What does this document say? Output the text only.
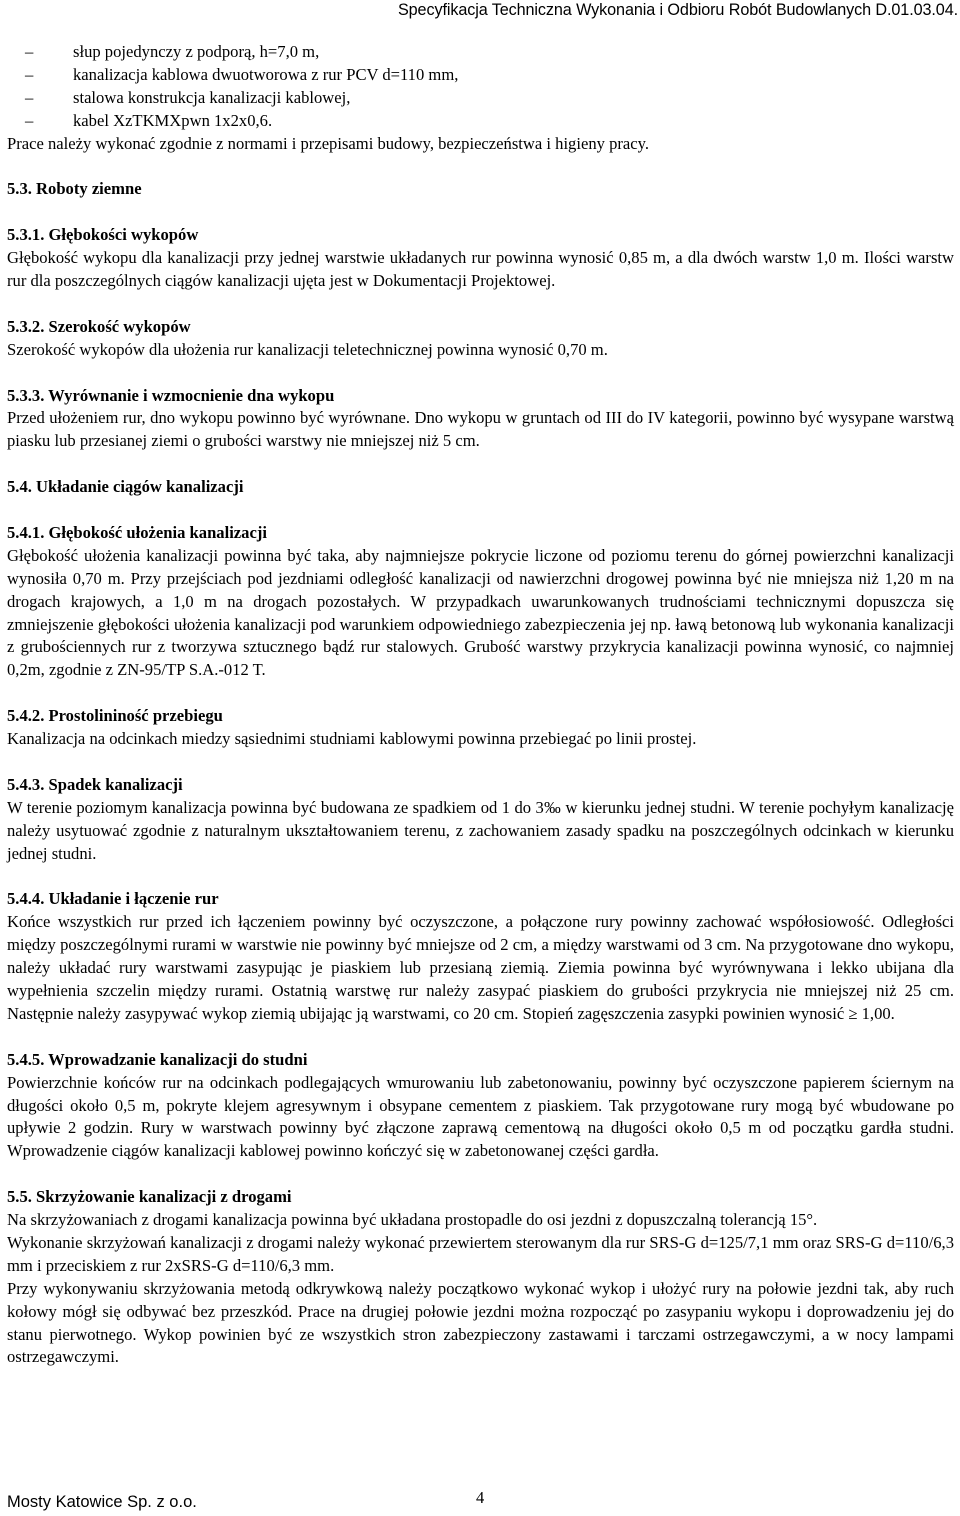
Specyfikacja Techniczna Wykonania i Odbioru Robót Budowlanych D.01.03.04.
– słup pojedynczy z podporą, h=7,0 m,
– kanalizacja kablowa dwuotworowa z rur PCV d=110 mm,
– stalowa konstrukcja kanalizacji kablowej,
– kabel XzTKMXpwn 1x2x0,6.

Prace należy wykonać zgodnie z normami i przepisami budowy, bezpieczeństwa i higieny pracy.

5.3. Roboty ziemne

5.3.1. Głębokości wykopów

Głębokość wykopu dla kanalizacji przy jednej warstwie układanych rur powinna wynosić 0,85 m, a dla dwóch warstw 1,0 m. Ilości warstw rur dla poszczególnych ciągów kanalizacji ujęta jest w Dokumentacji Projektowej.

5.3.2. Szerokość wykopów

Szerokość wykopów dla ułożenia rur kanalizacji teletechnicznej powinna wynosić 0,70 m.

5.3.3. Wyrównanie i wzmocnienie dna wykopu

Przed ułożeniem rur, dno wykopu powinno być wyrównane. Dno wykopu w gruntach od III do IV kategorii, powinno być wysypane warstwą piasku lub przesianej ziemi o grubości warstwy nie mniejszej niż 5 cm.

5.4. Układanie ciągów kanalizacji

5.4.1. Głębokość ułożenia kanalizacji

Głębokość ułożenia kanalizacji powinna być taka, aby najmniejsze pokrycie liczone od poziomu terenu do górnej powierzchni kanalizacji wynosiła 0,70 m. Przy przejściach pod jezdniami odległość kanalizacji od nawierzchni drogowej powinna być nie mniejsza niż 1,20 m na drogach krajowych, a 1,0 m na drogach pozostałych. W przypadkach uwarunkowanych trudnościami technicznymi dopuszcza się zmniejszenie głębokości ułożenia kanalizacji pod warunkiem odpowiedniego zabezpieczenia jej np. ławą betonową lub wykonania kanalizacji z grubościennych rur z tworzywa sztucznego bądź rur stalowych. Grubość warstwy przykrycia kanalizacji powinna wynosić, co najmniej 0,2m, zgodnie z ZN-95/TP S.A.-012 T.

5.4.2. Prostolininość przebiegu

Kanalizacja na odcinkach miedzy sąsiednimi studniami kablowymi powinna przebiegać po linii prostej.

5.4.3. Spadek kanalizacji

W terenie poziomym kanalizacja powinna być budowana ze spadkiem od 1 do 3‰ w kierunku jednej studni. W terenie pochyłym kanalizację należy usytuować zgodnie z naturalnym ukształtowaniem terenu, z zachowaniem zasady spadku na poszczególnych odcinkach w kierunku jednej studni.

5.4.4. Układanie i łączenie rur

Końce wszystkich rur przed ich łączeniem powinny być oczyszczone, a połączone rury powinny zachować współosiowość. Odległości między poszczególnymi rurami w warstwie nie powinny być mniejsze od 2 cm, a między warstwami od 3 cm. Na przygotowane dno wykopu, należy układać rury warstwami zasypując je piaskiem lub przesianą ziemią. Ziemia powinna być wyrównywana i lekko ubijana dla wypełnienia szczelin między rurami. Ostatnią warstwę rur należy zasypać piaskiem do grubości przykrycia nie mniejszej niż 25 cm. Następnie należy zasypywać wykop ziemią ubijając ją warstwami, co 20 cm. Stopień zagęszczenia zasypki powinien wynosić ≥ 1,00.

5.4.5. Wprowadzanie kanalizacji do studni

Powierzchnie końców rur na odcinkach podlegających wmurowaniu lub zabetonowaniu, powinny być oczyszczone papierem ściernym na długości około 0,5 m, pokryte klejem agresywnym i obsypane cementem z piaskiem. Tak przygotowane rury mogą być wbudowane po upływie 2 godzin. Rury w warstwach powinny być złączone zaprawą cementową na długości około 0,5 m od początku gardła studni. Wprowadzenie ciągów kanalizacji kablowej powinno kończyć się w zabetonowanej części gardła.

5.5. Skrzyżowanie kanalizacji z drogami

Na skrzyżowaniach z drogami kanalizacja powinna być układana prostopadle do osi jezdni z dopuszczalną tolerancją 15°.

Wykonanie skrzyżowań kanalizacji z drogami należy wykonać przewiertem sterowanym dla rur SRS-G d=125/7,1 mm oraz SRS-G d=110/6,3 mm i przeciskiem z rur 2xSRS-G d=110/6,3 mm.

Przy wykonywaniu skrzyżowania metodą odkrywkową należy początkowo wykonać wykop i ułożyć rury na połowie jezdni tak, aby ruch kołowy mógł się odbywać bez przeszkód. Prace na drugiej połowie jezdni można rozpocząć po zasypaniu wykopu i doprowadzeniu jej do stanu pierwotnego. Wykop powinien być ze wszystkich stron zabezpieczony zastawami i tarczami ostrzegawczymi, a w nocy lampami ostrzegawczymi.

Mosty Katowice Sp. z o.o.	4
